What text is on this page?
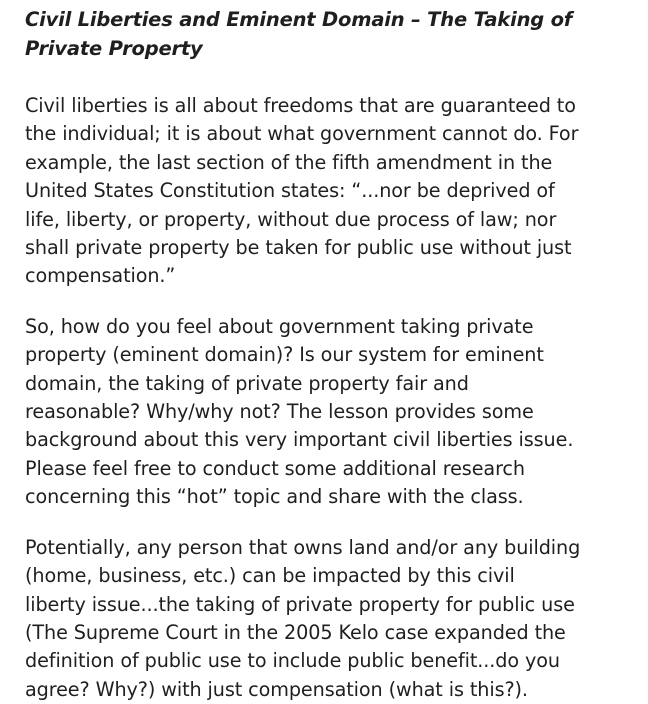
Civil Liberties and Eminent Domain – The Taking of
Private Property

Civil liberties is all about freedoms that are guaranteed to
the individual; it is about what government cannot do. For
example, the last section of the fifth amendment in the
United States Constitution states: “...nor be deprived of
life, liberty, or property, without due process of law; nor
shall private property be taken for public use without just
compensation.”

So, how do you feel about government taking private
property (eminent domain)? Is our system for eminent
domain, the taking of private property fair and
reasonable? Why/why not? The lesson provides some
background about this very important civil liberties issue.
Please feel free to conduct some additional research
concerning this “hot” topic and share with the class.

Potentially, any person that owns land and/or any building
(home, business, etc.) can be impacted by this civil
liberty issue...the taking of private property for public use
(The Supreme Court in the 2005 Kelo case expanded the
definition of public use to include public benefit...do you
agree? Why?) with just compensation (what is this?).
